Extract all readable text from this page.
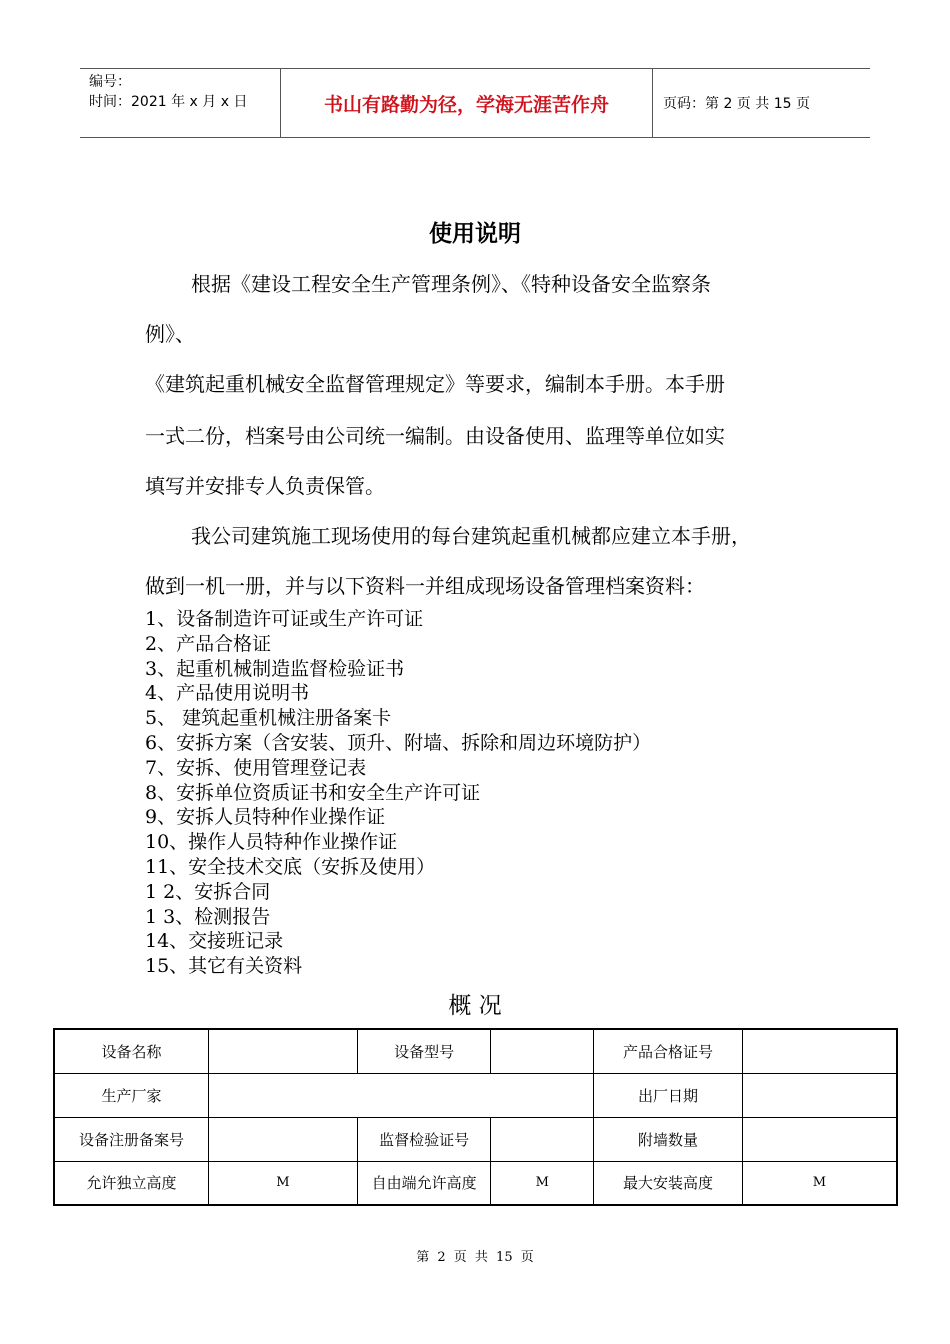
编号：
时间：2021 年 x 月 x 日	书山有路勤为径，学海无涯苦作舟	页码：第 2 页 共 15 页
使用说明
根据《建设工程安全生产管理条例》、《特种设备安全监察条
例》、
《建筑起重机械安全监督管理规定》等要求，编制本手册。本手册
一式二份，档案号由公司统一编制。由设备使用、监理等单位如实
填写并安排专人负责保管。
我公司建筑施工现场使用的每台建筑起重机械都应建立本手册，
做到一机一册，并与以下资料一并组成现场设备管理档案资料：
1、设备制造许可证或生产许可证
2、产品合格证
3、起重机械制造监督检验证书
4、产品使用说明书
5、 建筑起重机械注册备案卡
6、安拆方案（含安装、顶升、附墙、拆除和周边环境防护）
7、安拆、使用管理登记表
8、安拆单位资质证书和安全生产许可证
9、安拆人员特种作业操作证
10、操作人员特种作业操作证
11、安全技术交底（安拆及使用）
1 2、安拆合同
1 3、检测报告
14、交接班记录
15、其它有关资料
概 况
设备名称		设备型号		产品合格证号	
生产厂家				出厂日期	
设备注册备案号		监督检验证号		附墙数量	
允许独立高度	M	自由端允许高度	M	最大安装高度	M
第 2 页 共 15 页
